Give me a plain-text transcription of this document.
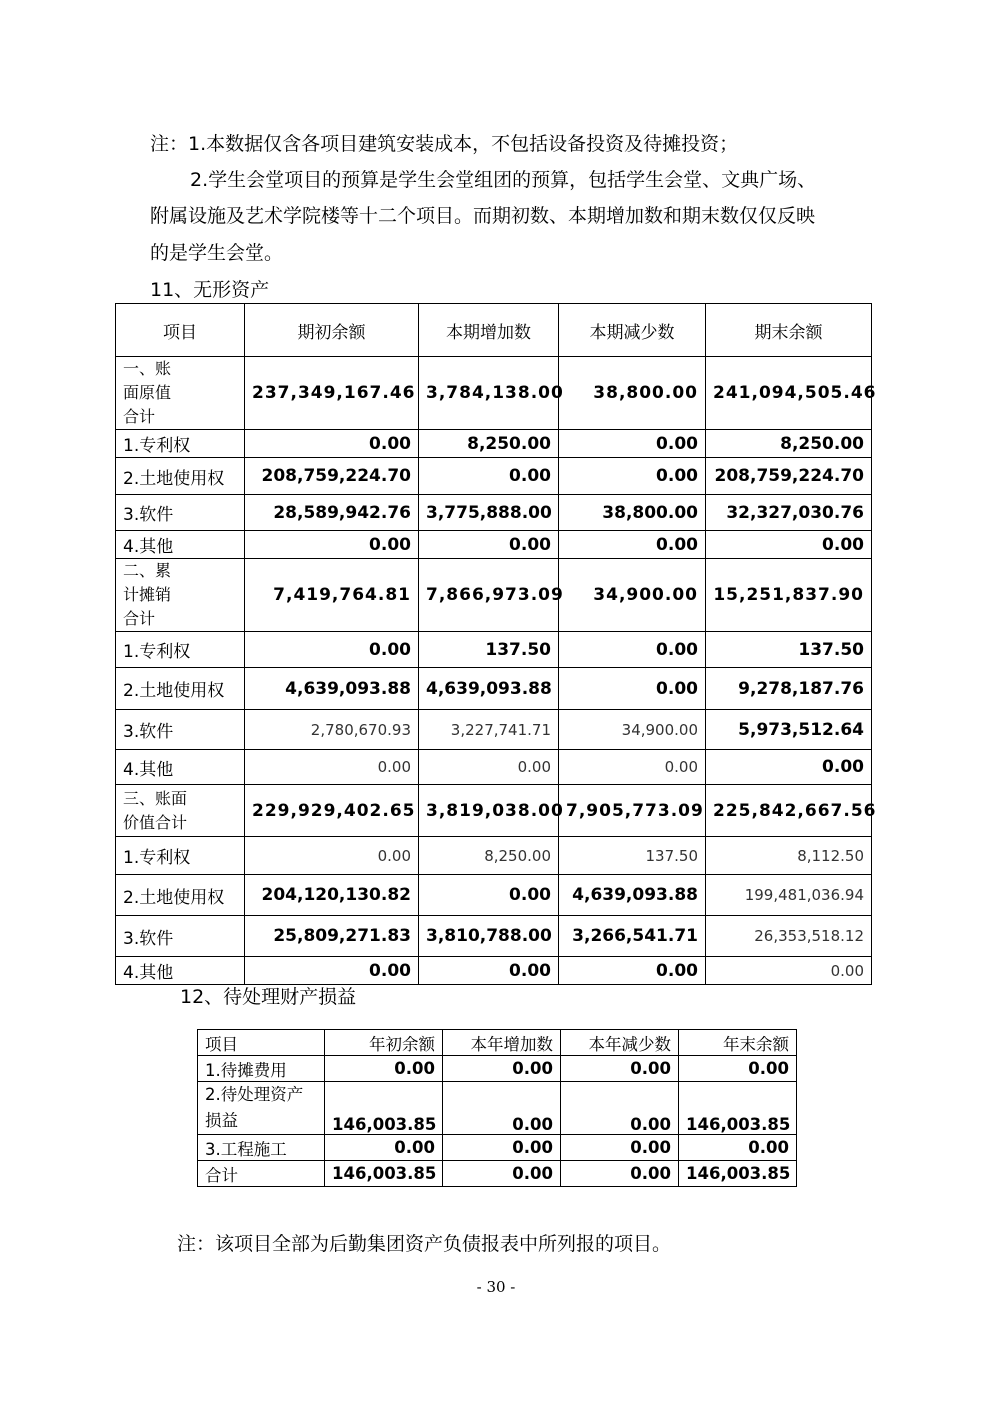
注：1.本数据仅含各项目建筑安装成本，不包括设备投资及待摊投资；
2.学生会堂项目的预算是学生会堂组团的预算，包括学生会堂、文典广场、
附属设施及艺术学院楼等十二个项目。而期初数、本期增加数和期末数仅仅反映
的是学生会堂。
11、无形资产
项目	期初余额	本期增加数	本期减少数	期末余额

一、账面原值合计	237,349,167.46	3,784,138.00	38,800.00	241,094,505.46
1.专利权	0.00	8,250.00	0.00	8,250.00
2.土地使用权	208,759,224.70	0.00	0.00	208,759,224.70
3.软件	28,589,942.76	3,775,888.00	38,800.00	32,327,030.76
4.其他	0.00	0.00	0.00	0.00

二、累计摊销合计	7,419,764.81	7,866,973.09	34,900.00	15,251,837.90
1.专利权	0.00	137.50	0.00	137.50
2.土地使用权	4,639,093.88	4,639,093.88	0.00	9,278,187.76
3.软件	2,780,670.93	3,227,741.71	34,900.00	5,973,512.64
4.其他	0.00	0.00	0.00	0.00

三、账面价值合计	229,929,402.65	3,819,038.00	7,905,773.09	225,842,667.56
1.专利权	0.00	8,250.00	137.50	8,112.50
2.土地使用权	204,120,130.82	0.00	4,639,093.88	199,481,036.94
3.软件	25,809,271.83	3,810,788.00	3,266,541.71	26,353,518.12
4.其他	0.00	0.00	0.00	0.00
12、待处理财产损益
项目	年初余额	本年增加数	本年减少数	年末余额
1.待摊费用	0.00	0.00	0.00	0.00

2.待处理资产损益	146,003.85	0.00	0.00	146,003.85
3.工程施工	0.00	0.00	0.00	0.00
合计	146,003.85	0.00	0.00	146,003.85
注：该项目全部为后勤集团资产负债报表中所列报的项目。
- 30 -
